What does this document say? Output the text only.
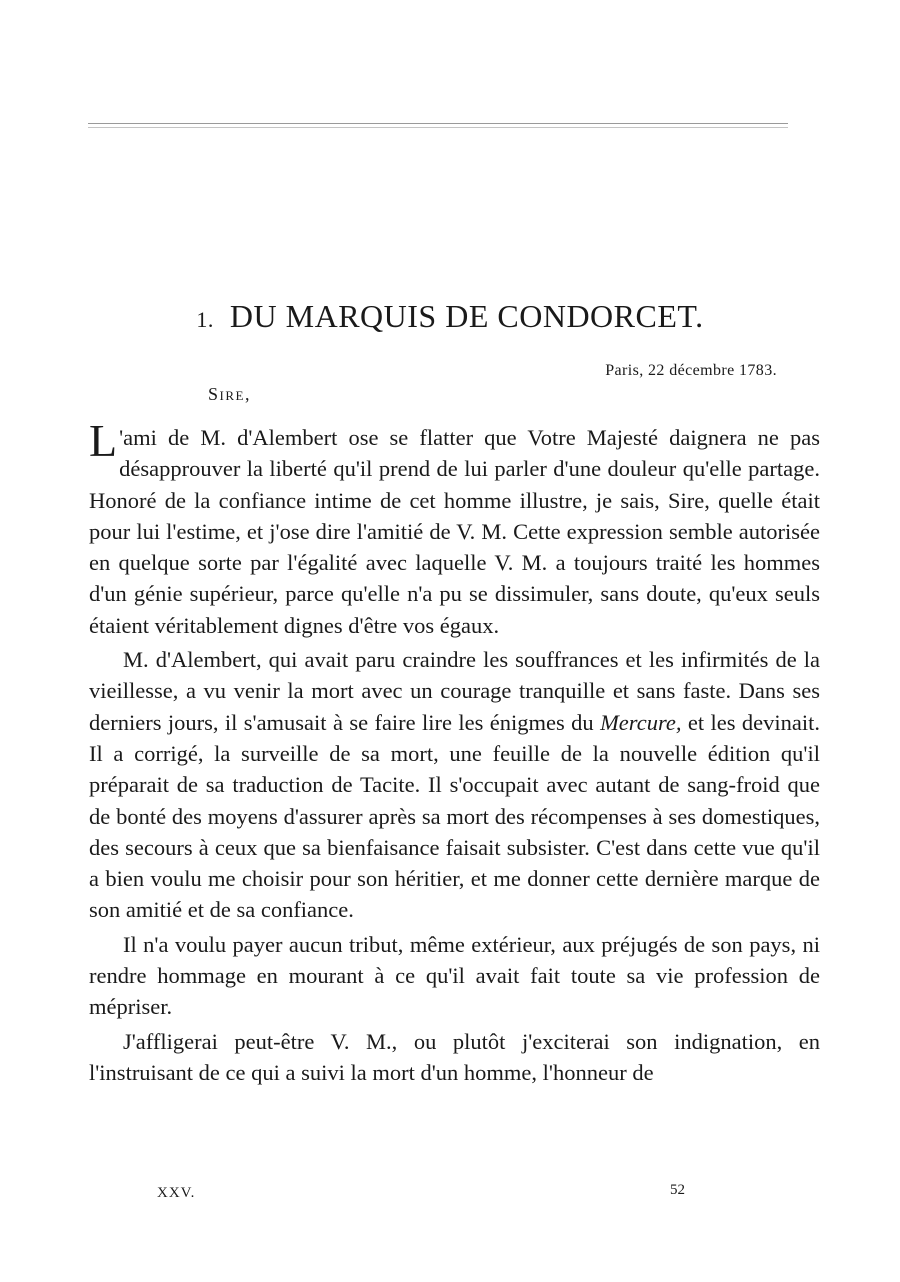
1. DU MARQUIS DE CONDORCET.
Paris, 22 décembre 1783.
Sire,

L 'ami de M. d'Alembert ose se flatter que Votre Majesté daignera ne pas désapprouver la liberté qu'il prend de lui parler d'une douleur qu'elle partage. Honoré de la confiance intime de cet homme illustre, je sais, Sire, quelle était pour lui l'estime, et j'ose dire l'amitié de V. M. Cette expression semble autorisée en quelque sorte par l'égalité avec laquelle V. M. a toujours traité les hommes d'un génie supérieur, parce qu'elle n'a pu se dissimuler, sans doute, qu'eux seuls étaient véritablement dignes d'être vos égaux.

M. d'Alembert, qui avait paru craindre les souffrances et les infirmités de la vieillesse, a vu venir la mort avec un courage tranquille et sans faste. Dans ses derniers jours, il s'amusait à se faire lire les énigmes du Mercure, et les devinait. Il a corrigé, la surveille de sa mort, une feuille de la nouvelle édition qu'il préparait de sa traduction de Tacite. Il s'occupait avec autant de sang-froid que de bonté des moyens d'assurer après sa mort des récompenses à ses domestiques, des secours à ceux que sa bienfaisance faisait subsister. C'est dans cette vue qu'il a bien voulu me choisir pour son héritier, et me donner cette dernière marque de son amitié et de sa confiance.

Il n'a voulu payer aucun tribut, même extérieur, aux préjugés de son pays, ni rendre hommage en mourant à ce qu'il avait fait toute sa vie profession de mépriser.

J'affligerai peut-être V. M., ou plutôt j'exciterai son indignation, en l'instruisant de ce qui a suivi la mort d'un homme, l'honneur de

XXV.	52
